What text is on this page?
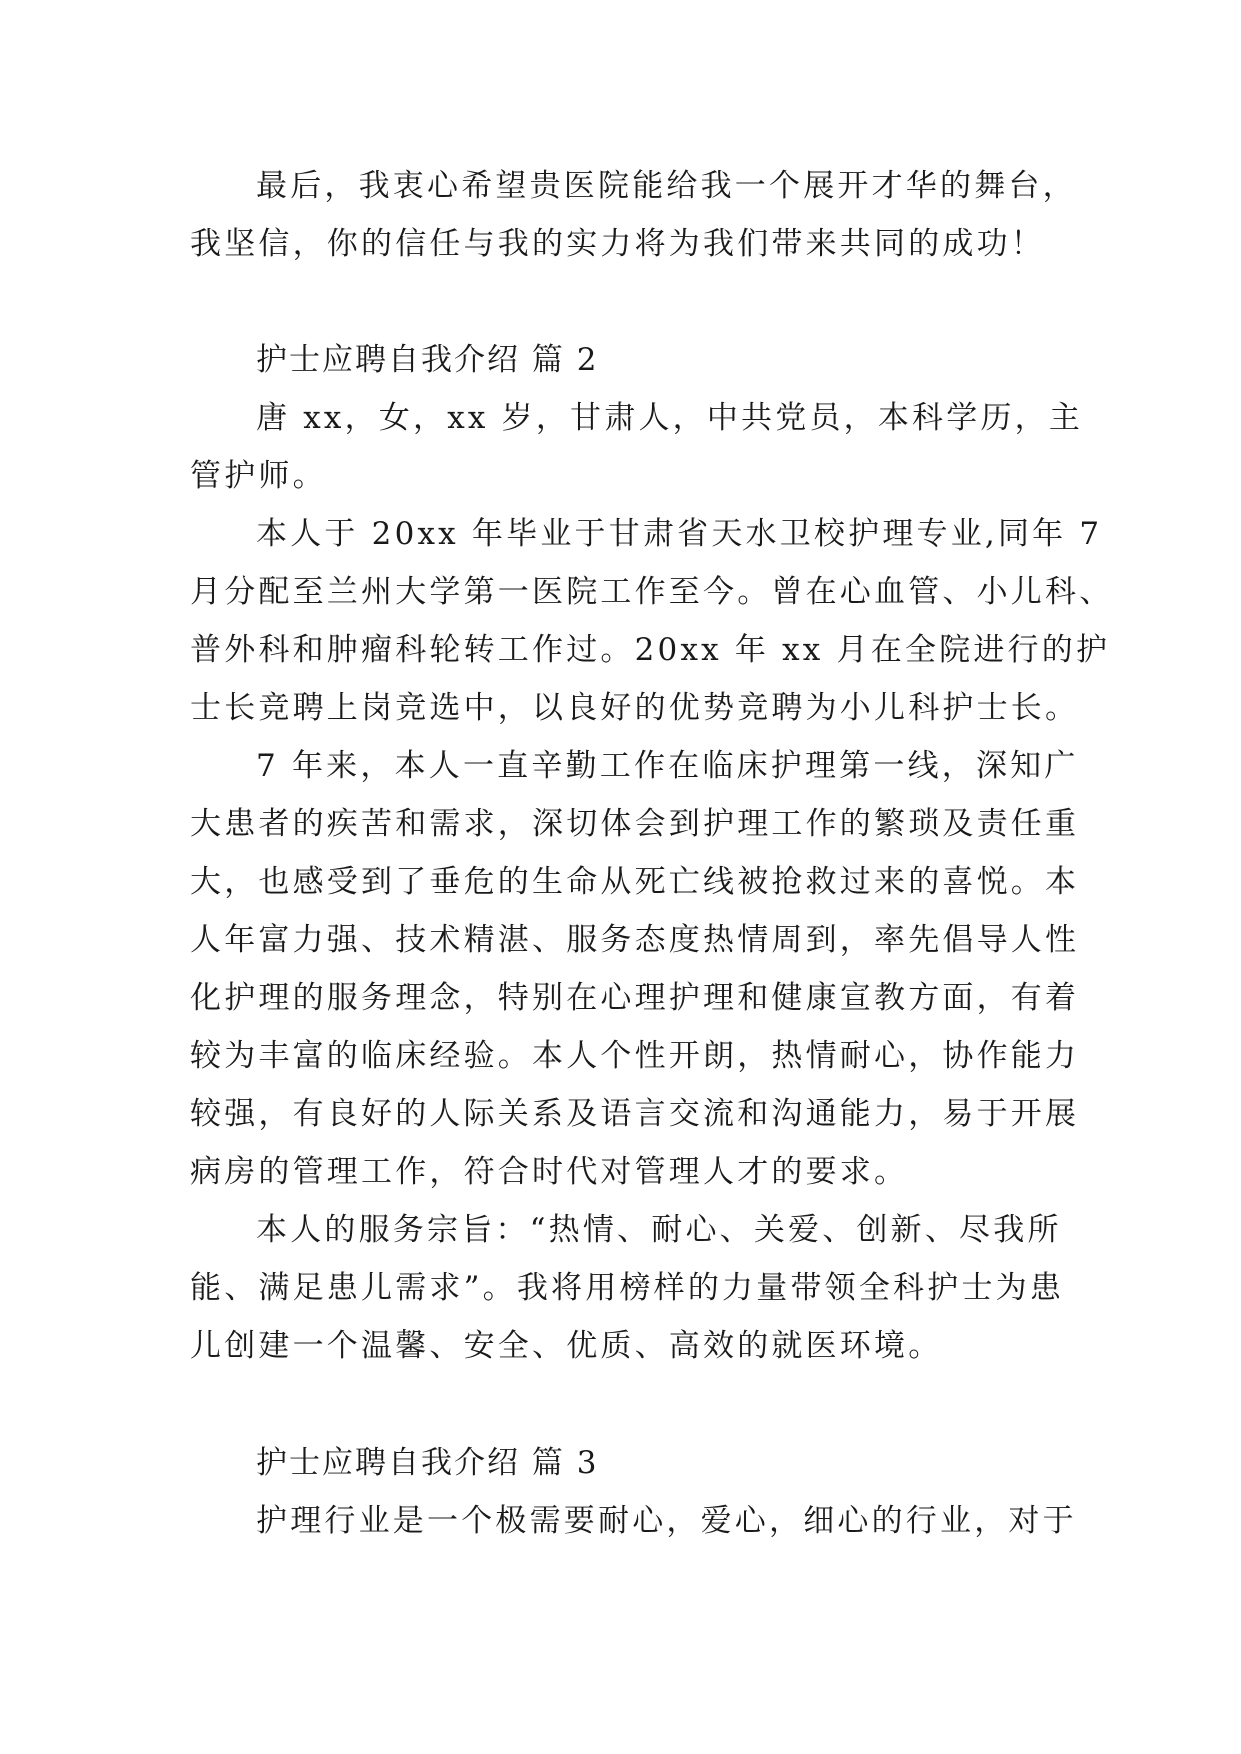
最后，我衷心希望贵医院能给我一个展开才华的舞台，
我坚信，你的信任与我的实力将为我们带来共同的成功！
护士应聘自我介绍 篇 2
唐 xx，女，xx 岁，甘肃人，中共党员，本科学历，主
管护师。
本人于 20xx 年毕业于甘肃省天水卫校护理专业,同年 7
月分配至兰州大学第一医院工作至今。曾在心血管、小儿科、
普外科和肿瘤科轮转工作过。20xx 年 xx 月在全院进行的护
士长竞聘上岗竞选中，以良好的优势竞聘为小儿科护士长。
7 年来，本人一直辛勤工作在临床护理第一线，深知广
大患者的疾苦和需求，深切体会到护理工作的繁琐及责任重
大，也感受到了垂危的生命从死亡线被抢救过来的喜悦。本
人年富力强、技术精湛、服务态度热情周到，率先倡导人性
化护理的服务理念，特别在心理护理和健康宣教方面，有着
较为丰富的临床经验。本人个性开朗，热情耐心，协作能力
较强，有良好的人际关系及语言交流和沟通能力，易于开展
病房的管理工作，符合时代对管理人才的要求。
本人的服务宗旨：“热情、耐心、关爱、创新、尽我所
能、满足患儿需求”。我将用榜样的力量带领全科护士为患
儿创建一个温馨、安全、优质、高效的就医环境。
护士应聘自我介绍 篇 3
护理行业是一个极需要耐心，爱心，细心的行业，对于
